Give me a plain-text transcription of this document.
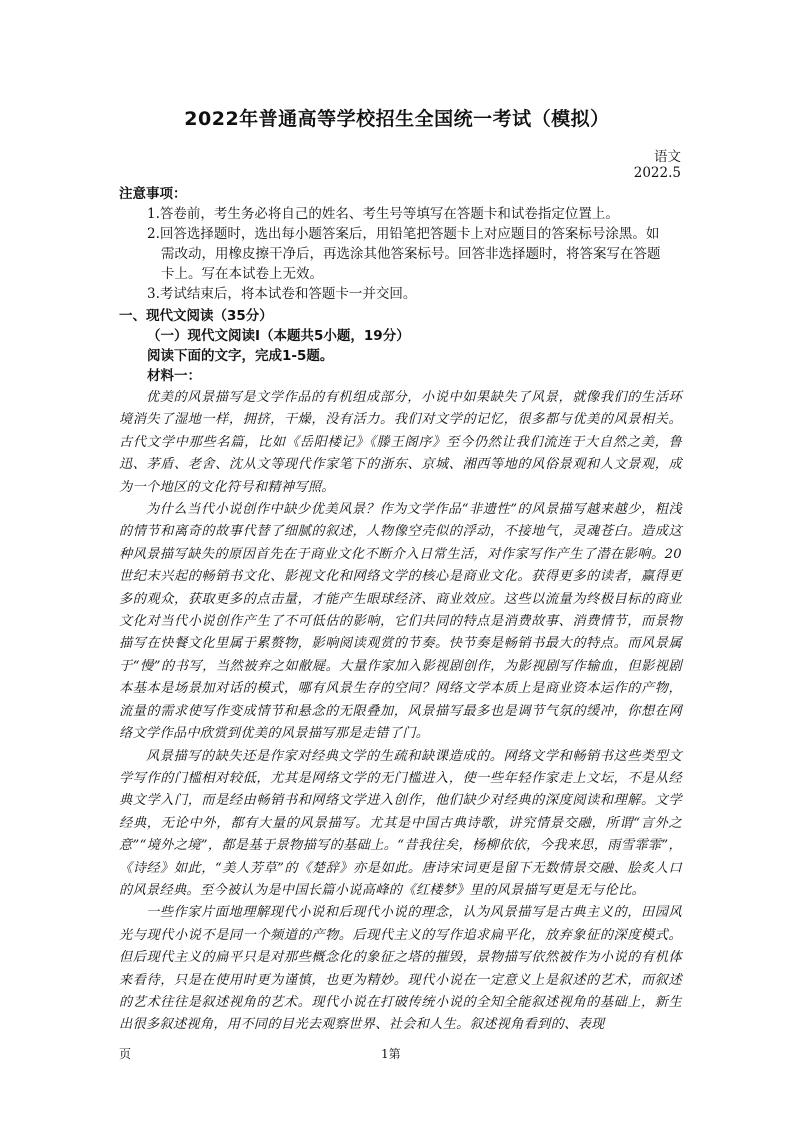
2022年普通高等学校招生全国统一考试（模拟）
语文
2022.5
注意事项：
1.答卷前，考生务必将自己的姓名、考生号等填写在答题卡和试卷指定位置上。
2.回答选择题时，选出每小题答案后，用铅笔把答题卡上对应题目的答案标号涂黑。如
需改动，用橡皮擦干净后，再选涂其他答案标号。回答非选择题时，将答案写在答题
卡上。写在本试卷上无效。
3.考试结束后，将本试卷和答题卡一并交回。
一、现代文阅读（35分）
（一）现代文阅读Ⅰ（本题共5小题，19分）
阅读下面的文字，完成1-5题。
材料一：

优美的风景描写是文学作品的有机组成部分，小说中如果缺失了风景，就像我们的生活环境消失了湿地一样，拥挤，干燥，没有活力。我们对文学的记忆，很多都与优美的风景相关。古代文学中那些名篇，比如《岳阳楼记》《滕王阁序》至今仍然让我们流连于大自然之美，鲁迅、茅盾、老舍、沈从文等现代作家笔下的浙东、京城、湘西等地的风俗景观和人文景观，成为一个地区的文化符号和精神写照。

为什么当代小说创作中缺少优美风景？作为文学作品“非遗性”的风景描写越来越少，粗浅的情节和离奇的故事代替了细腻的叙述，人物像空壳似的浮动，不接地气，灵魂苍白。造成这种风景描写缺失的原因首先在于商业文化不断介入日常生活，对作家写作产生了潜在影响。20世纪末兴起的畅销书文化、影视文化和网络文学的核心是商业文化。获得更多的读者，赢得更多的观众，获取更多的点击量，才能产生眼球经济、商业效应。这些以流量为终极目标的商业文化对当代小说创作产生了不可低估的影响，它们共同的特点是消费故事、消费情节，而景物描写在快餐文化里属于累赘物，影响阅读观赏的节奏。快节奏是畅销书最大的特点。而风景属于“慢”的书写，当然被弃之如敝屣。大量作家加入影视剧创作，为影视剧写作输血，但影视剧本基本是场景加对话的模式，哪有风景生存的空间？网络文学本质上是商业资本运作的产物，流量的需求使写作变成情节和悬念的无限叠加，风景描写最多也是调节气氛的缓冲，你想在网络文学作品中欣赏到优美的风景描写那是走错了门。

风景描写的缺失还是作家对经典文学的生疏和缺课造成的。网络文学和畅销书这些类型文学写作的门槛相对较低，尤其是网络文学的无门槛进入，使一些年轻作家走上文坛，不是从经典文学入门，而是经由畅销书和网络文学进入创作，他们缺少对经典的深度阅读和理解。文学经典，无论中外，都有大量的风景描写。尤其是中国古典诗歌，讲究情景交融，所谓“言外之意”“境外之境”，都是基于景物描写的基础上。“昔我往矣，杨柳依依，今我来思，雨雪霏霏”，《诗经》如此，“美人芳草”的《楚辞》亦是如此。唐诗宋词更是留下无数情景交融、脍炙人口的风景经典。至今被认为是中国长篇小说高峰的《红楼梦》里的风景描写更是无与伦比。

一些作家片面地理解现代小说和后现代小说的理念，认为风景描写是古典主义的，田园风光与现代小说不是同一个频道的产物。后现代主义的写作追求扁平化，放弃象征的深度模式。但后现代主义的扁平只是对那些概念化的象征之塔的摧毁，景物描写依然被作为小说的有机体来看待，只是在使用时更为谨慎，也更为精妙。现代小说在一定意义上是叙述的艺术，而叙述的艺术往往是叙述视角的艺术。现代小说在打破传统小说的全知全能叙述视角的基础上，新生出很多叙述视角，用不同的目光去观察世界、社会和人生。叙述视角看到的、表现

页	1第
